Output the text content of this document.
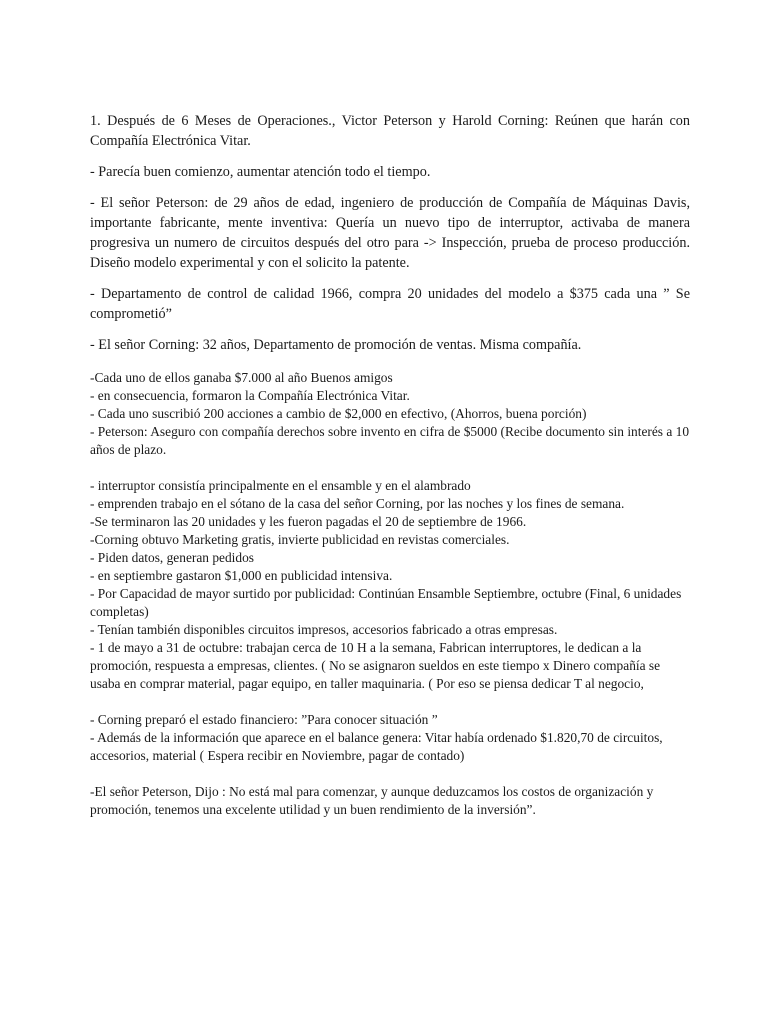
1. Después de 6 Meses de Operaciones., Victor Peterson y Harold Corning: Reúnen que harán con Compañía Electrónica Vitar.

- Parecía buen comienzo, aumentar atención todo el tiempo.

- El señor Peterson: de 29 años de edad, ingeniero de producción de Compañía de Máquinas Davis, importante fabricante, mente inventiva: Quería un nuevo tipo de interruptor, activaba de manera progresiva un numero de circuitos después del otro para -> Inspección, prueba de proceso producción. Diseño modelo experimental y con el solicito la patente.

- Departamento de control de calidad 1966, compra 20 unidades del modelo a $375 cada una ” Se comprometió”

- El señor Corning: 32 años, Departamento de promoción de ventas. Misma compañía.

-Cada uno de ellos ganaba $7.000 al año Buenos amigos

- en consecuencia, formaron la Compañía Electrónica Vitar.

- Cada uno suscribió 200 acciones a cambio de $2,000 en efectivo, (Ahorros, buena porción)

- Peterson: Aseguro con compañía derechos sobre invento en cifra de $5000 (Recibe documento sin interés a 10 años de plazo.

- interruptor consistía principalmente en el ensamble y en el alambrado

- emprenden trabajo en el sótano de la casa del señor Corning, por las noches y los fines de semana.

-Se terminaron las 20 unidades y les fueron pagadas el 20 de septiembre de 1966.

-Corning obtuvo Marketing gratis, invierte publicidad en revistas comerciales.

- Piden datos, generan pedidos

- en septiembre gastaron $1,000 en publicidad intensiva.

- Por Capacidad de mayor surtido por publicidad: Continúan Ensamble Septiembre, octubre (Final, 6 unidades completas)

- Tenían también disponibles circuitos impresos, accesorios fabricado a otras empresas.

- 1 de mayo a 31 de octubre: trabajan cerca de 10 H a la semana, Fabrican interruptores, le dedican a la promoción, respuesta a empresas, clientes. ( No se asignaron sueldos en este tiempo x Dinero compañía se usaba en comprar material, pagar equipo, en taller maquinaria. ( Por eso se piensa dedicar T al negocio,

- Corning preparó el estado financiero: ”Para conocer situación ”

- Además de la información que aparece en el balance genera: Vitar había ordenado $1.820,70 de circuitos, accesorios, material ( Espera recibir en Noviembre, pagar de contado)

-El señor Peterson, Dijo : No está mal para comenzar, y aunque deduzcamos los costos de organización y promoción, tenemos una excelente utilidad y un buen rendimiento de la inversión”.
